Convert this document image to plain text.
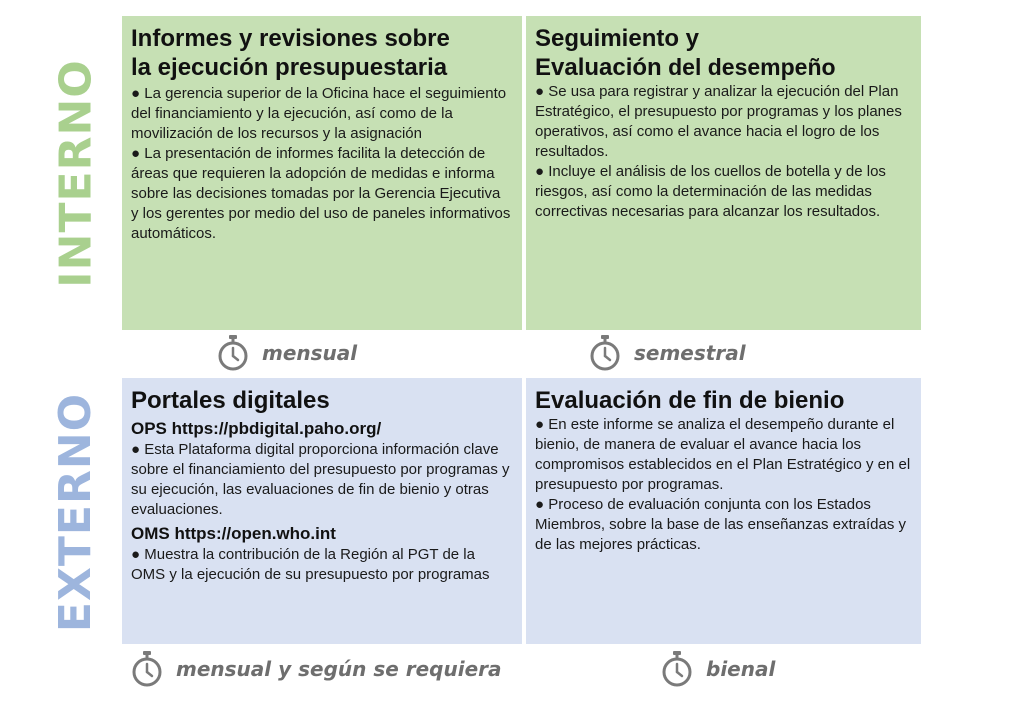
INTERNO
EXTERNO

Informes y revisiones sobre
la ejecución presupuestaria

● La gerencia superior de la Oficina hace el seguimiento del financiamiento y la ejecución, así como de la movilización de los recursos y la asignación

● La presentación de informes facilita la detección de áreas que requieren la adopción de medidas e informa sobre las decisiones tomadas por la Gerencia Ejecutiva y los gerentes por medio del uso de paneles informativos automáticos.

Seguimiento y
Evaluación del desempeño

● Se usa para registrar y analizar la ejecución del Plan Estratégico, el presupuesto por programas y los planes operativos, así como el avance hacia el logro de los resultados.

● Incluye el análisis de los cuellos de botella y de los riesgos, así como la determinación de las medidas correctivas necesarias para alcanzar los resultados.

Portales digitales

OPS https://pbdigital.paho.org/

● Esta Plataforma digital proporciona información clave sobre el financiamiento del presupuesto por programas y su ejecución, las evaluaciones de fin de bienio y otras evaluaciones.

OMS https://open.who.int

● Muestra la contribución de la Región al PGT de la OMS y la ejecución de su presupuesto por programas

Evaluación de fin de bienio

● En este informe se analiza el desempeño durante el bienio, de manera de evaluar el avance hacia los compromisos establecidos en el Plan Estratégico y en el presupuesto por programas.

● Proceso de evaluación conjunta con los Estados Miembros, sobre la base de las enseñanzas extraídas y de las mejores prácticas.

mensual	semestral
mensual y según se requiera	bienal
